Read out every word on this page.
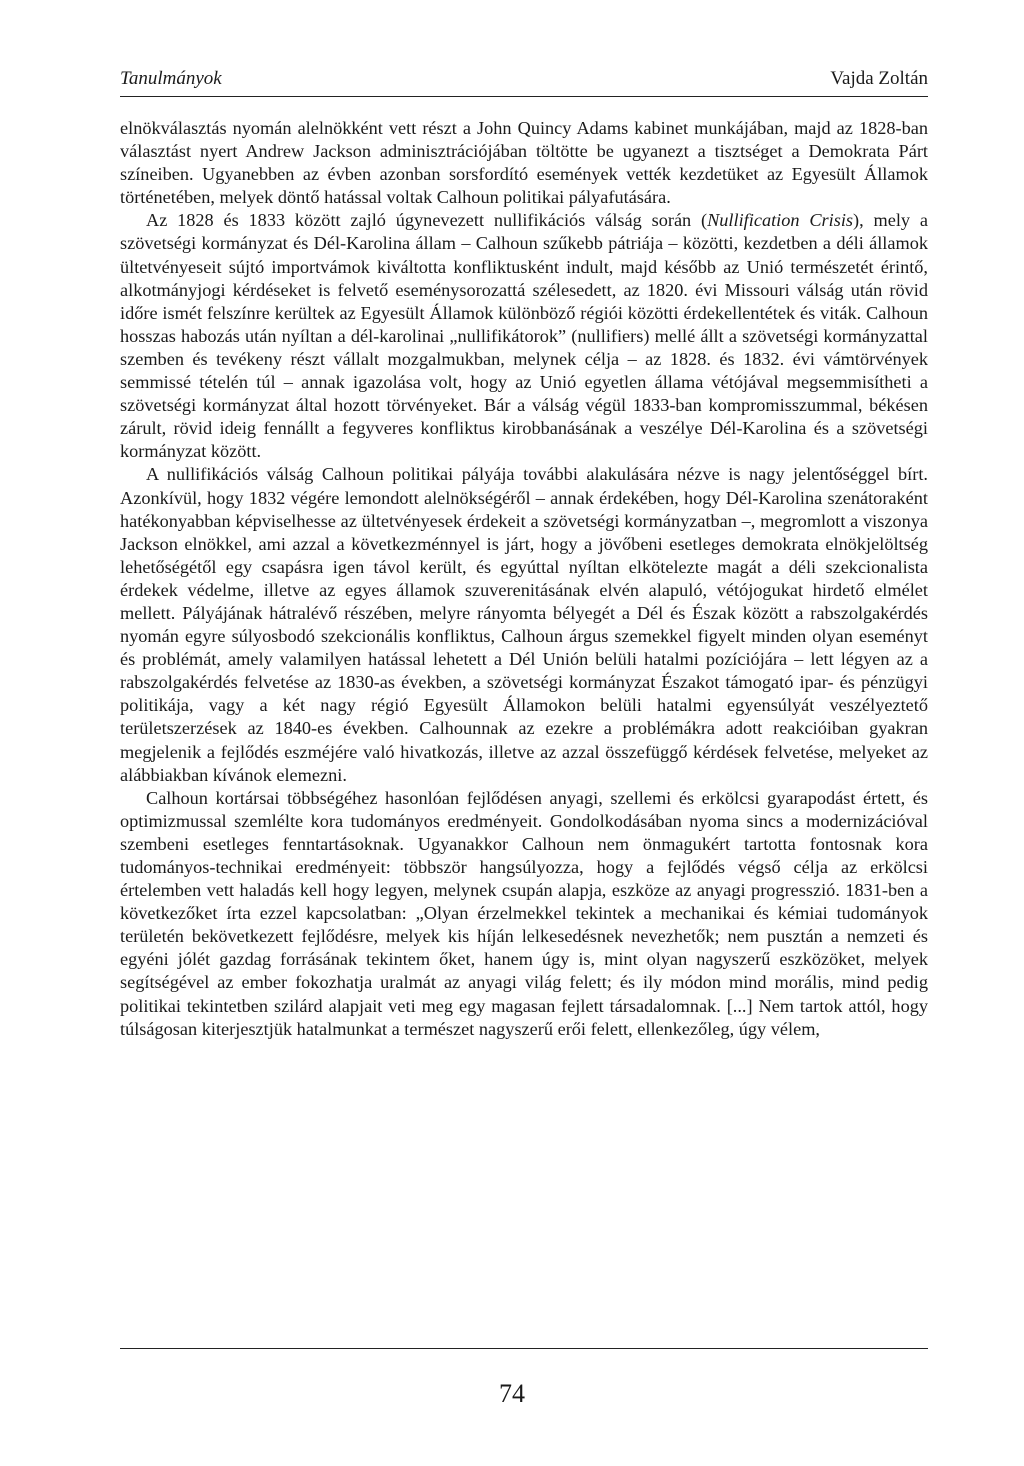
Tanulmányok	Vajda Zoltán

elnökválasztás nyomán alelnökként vett részt a John Quincy Adams kabinet munkájában, majd az 1828-ban választást nyert Andrew Jackson adminisztrációjában töltötte be ugyanezt a tisztséget a Demokrata Párt színeiben. Ugyanebben az évben azonban sorsfordító események vették kezdetüket az Egyesült Államok történetében, melyek döntő hatással voltak Calhoun politikai pályafutására.

Az 1828 és 1833 között zajló úgynevezett nullifikációs válság során (Nullification Crisis), mely a szövetségi kormányzat és Dél-Karolina állam – Calhoun szűkebb pátriája – közötti, kezdetben a déli államok ültetvényeseit sújtó importvámok kiváltotta konfliktusként indult, majd később az Unió természetét érintő, alkotmányjogi kérdéseket is felvető eseménysorozattá szélesedett, az 1820. évi Missouri válság után rövid időre ismét felszínre kerültek az Egyesült Államok különböző régiói közötti érdekellentétek és viták. Calhoun hosszas habozás után nyíltan a dél-karolinai „nullifikátorok” (nullifiers) mellé állt a szövetségi kormányzattal szemben és tevékeny részt vállalt mozgalmukban, melynek célja – az 1828. és 1832. évi vámtörvények semmissé tételén túl – annak igazolása volt, hogy az Unió egyetlen állama vétójával megsemmisítheti a szövetségi kormányzat által hozott törvényeket. Bár a válság végül 1833-ban kompromisszummal, békésen zárult, rövid ideig fennállt a fegyveres konfliktus kirobbanásának a veszélye Dél-Karolina és a szövetségi kormányzat között.

A nullifikációs válság Calhoun politikai pályája további alakulására nézve is nagy jelentőséggel bírt. Azonkívül, hogy 1832 végére lemondott alelnökségéről – annak érdekében, hogy Dél-Karolina szenátoraként hatékonyabban képviselhesse az ültetvényesek érdekeit a szövetségi kormányzatban –, megromlott a viszonya Jackson elnökkel, ami azzal a következménnyel is járt, hogy a jövőbeni esetleges demokrata elnökjelöltség lehetőségétől egy csapásra igen távol került, és egyúttal nyíltan elkötelezte magát a déli szekcionalista érdekek védelme, illetve az egyes államok szuverenitásának elvén alapuló, vétójogukat hirdető elmélet mellett. Pályájának hátralévő részében, melyre rányomta bélyegét a Dél és Észak között a rabszolgakérdés nyomán egyre súlyosbodó szekcionális konfliktus, Calhoun árgus szemekkel figyelt minden olyan eseményt és problémát, amely valamilyen hatással lehetett a Dél Unión belüli hatalmi pozíciójára – lett légyen az a rabszolgakérdés felvetése az 1830-as években, a szövetségi kormányzat Északot támogató ipar- és pénzügyi politikája, vagy a két nagy régió Egyesült Államokon belüli hatalmi egyensúlyát veszélyeztető területszerzések az 1840-es években. Calhounnak az ezekre a problémákra adott reakcióiban gyakran megjelenik a fejlődés eszméjére való hivatkozás, illetve az azzal összefüggő kérdések felvetése, melyeket az alábbiakban kívánok elemezni.

Calhoun kortársai többségéhez hasonlóan fejlődésen anyagi, szellemi és erkölcsi gyarapodást értett, és optimizmussal szemlélte kora tudományos eredményeit. Gondolkodásában nyoma sincs a modernizációval szembeni esetleges fenntartásoknak. Ugyanakkor Calhoun nem önmagukért tartotta fontosnak kora tudományos-technikai eredményeit: többször hangsúlyozza, hogy a fejlődés végső célja az erkölcsi értelemben vett haladás kell hogy legyen, melynek csupán alapja, eszköze az anyagi progresszió. 1831-ben a következőket írta ezzel kapcsolatban: „Olyan érzelmekkel tekintek a mechanikai és kémiai tudományok területén bekövetkezett fejlődésre, melyek kis híján lelkesedésnek nevezhetők; nem pusztán a nemzeti és egyéni jólét gazdag forrásának tekintem őket, hanem úgy is, mint olyan nagyszerű eszközöket, melyek segítségével az ember fokozhatja uralmát az anyagi világ felett; és ily módon mind morális, mind pedig politikai tekintetben szilárd alapjait veti meg egy magasan fejlett társadalomnak. [...] Nem tartok attól, hogy túlságosan kiterjesztjük hatalmunkat a természet nagyszerű erői felett, ellenkezőleg, úgy vélem,

74
